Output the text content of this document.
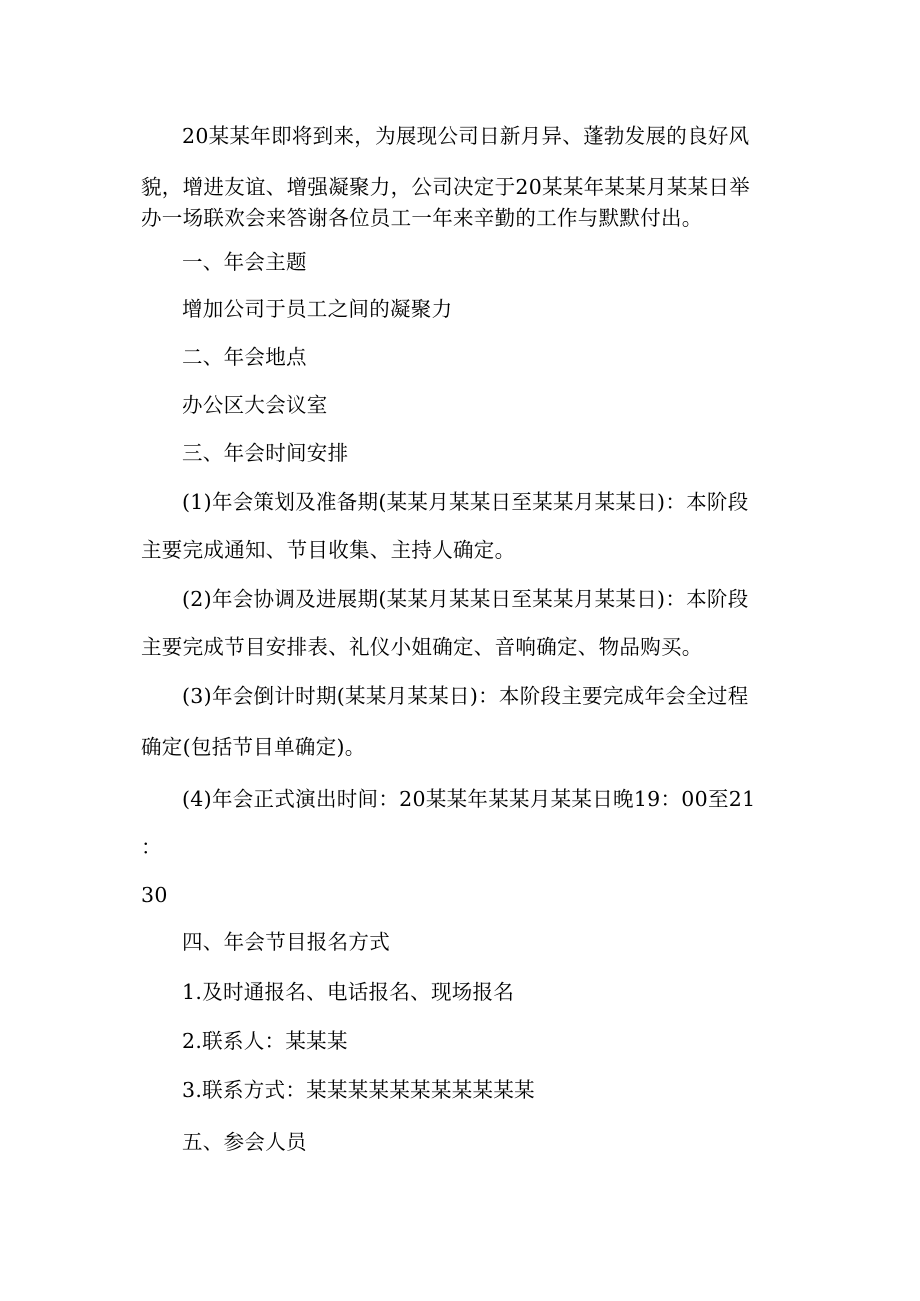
20某某年即将到来，为展现公司日新月异、蓬勃发展的良好风
貌，增进友谊、增强凝聚力，公司决定于20某某年某某月某某日举
办一场联欢会来答谢各位员工一年来辛勤的工作与默默付出。
一、年会主题
增加公司于员工之间的凝聚力
二、年会地点
办公区大会议室
三、年会时间安排
(1)年会策划及准备期(某某月某某日至某某月某某日)：本阶段
主要完成通知、节目收集、主持人确定。
(2)年会协调及进展期(某某月某某日至某某月某某日)：本阶段
主要完成节目安排表、礼仪小姐确定、音响确定、物品购买。
(3)年会倒计时期(某某月某某日)：本阶段主要完成年会全过程
确定(包括节目单确定)。
(4)年会正式演出时间：20某某年某某月某某日晚19：00至21
：
30
四、年会节目报名方式
1.及时通报名、电话报名、现场报名
2.联系人：某某某
3.联系方式：某某某某某某某某某某某
五、参会人员
